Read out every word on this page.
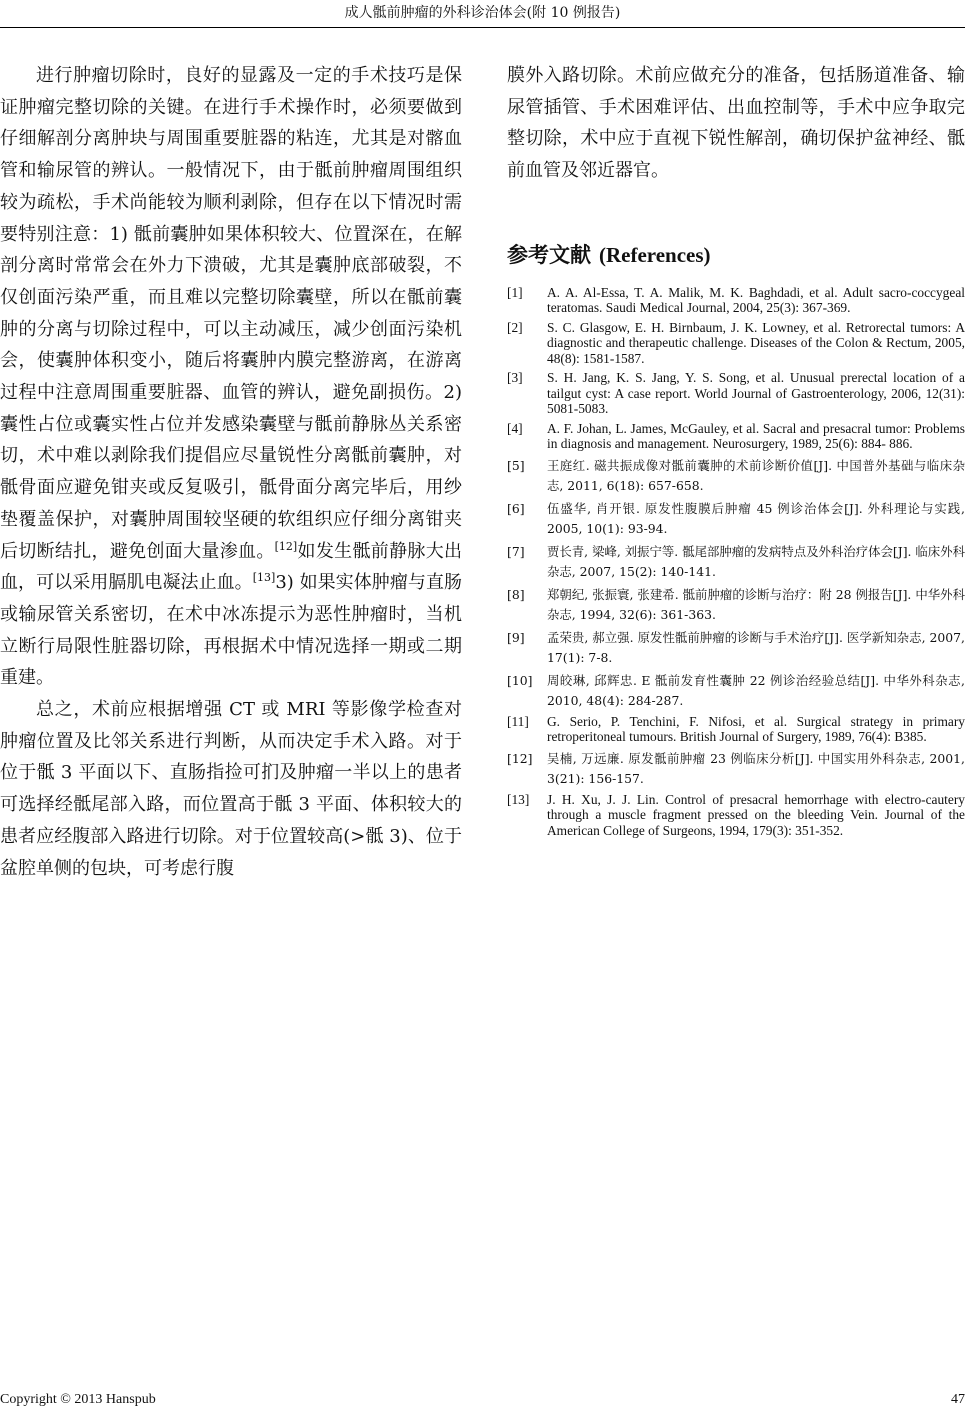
成人骶前肿瘤的外科诊治体会(附 10 例报告)

进行肿瘤切除时，良好的显露及一定的手术技巧是保证肿瘤完整切除的关键。在进行手术操作时，必须要做到仔细解剖分离肿块与周围重要脏器的粘连，尤其是对髂血管和输尿管的辨认。一般情况下，由于骶前肿瘤周围组织较为疏松，手术尚能较为顺利剥除，但存在以下情况时需要特别注意：1) 骶前囊肿如果体积较大、位置深在，在解剖分离时常常会在外力下溃破，尤其是囊肿底部破裂，不仅创面污染严重，而且难以完整切除囊壁，所以在骶前囊肿的分离与切除过程中，可以主动减压，减少创面污染机会，使囊肿体积变小，随后将囊肿内膜完整游离，在游离过程中注意周围重要脏器、血管的辨认，避免副损伤。2) 囊性占位或囊实性占位并发感染囊壁与骶前静脉丛关系密切，术中难以剥除我们提倡应尽量锐性分离骶前囊肿，对骶骨面应避免钳夹或反复吸引，骶骨面分离完毕后，用纱垫覆盖保护，对囊肿周围较坚硬的软组织应仔细分离钳夹后切断结扎，避免创面大量渗血。[12]如发生骶前静脉大出血，可以采用膈肌电凝法止血。[13]3) 如果实体肿瘤与直肠或输尿管关系密切，在术中冰冻提示为恶性肿瘤时，当机立断行局限性脏器切除，再根据术中情况选择一期或二期重建。

总之，术前应根据增强 CT 或 MRI 等影像学检查对肿瘤位置及比邻关系进行判断，从而决定手术入路。对于位于骶 3 平面以下、直肠指捡可扪及肿瘤一半以上的患者可选择经骶尾部入路，而位置高于骶 3 平面、体积较大的患者应经腹部入路进行切除。对于位置较高(>骶 3)、位于盆腔单侧的包块，可考虑行腹

膜外入路切除。术前应做充分的准备，包括肠道准备、输尿管插管、手术困难评估、出血控制等，手术中应争取完整切除，术中应于直视下锐性解剖，确切保护盆神经、骶前血管及邻近器官。

参考文献 (References)
[1]	A. A. Al-Essa, T. A. Malik, M. K. Baghdadi, et al. Adult sacro-coccygeal teratomas. Saudi Medical Journal, 2004, 25(3): 367-369.
[2]	S. C. Glasgow, E. H. Birnbaum, J. K. Lowney, et al. Retrorectal tumors: A diagnostic and therapeutic challenge. Diseases of the Colon & Rectum, 2005, 48(8): 1581-1587.
[3]	S. H. Jang, K. S. Jang, Y. S. Song, et al. Unusual prerectal location of a tailgut cyst: A case report. World Journal of Gastroenterology, 2006, 12(31): 5081-5083.
[4]	A. F. Johan, L. James, McGauley, et al. Sacral and presacral tumor: Problems in diagnosis and management. Neurosurgery, 1989, 25(6): 884- 886.
[5]	王庭红. 磁共振成像对骶前囊肿的术前诊断价值[J]. 中国普外基础与临床杂志, 2011, 6(18): 657-658.
[6]	伍盛华, 肖开银. 原发性腹膜后肿瘤 45 例诊治体会[J]. 外科理论与实践, 2005, 10(1): 93-94.
[7]	贾长青, 梁峰, 刘振宁等. 骶尾部肿瘤的发病特点及外科治疗体会[J]. 临床外科杂志, 2007, 15(2): 140-141.
[8]	郑朝纪, 张振寰, 张建希. 骶前肿瘤的诊断与治疗：附 28 例报告[J]. 中华外科杂志, 1994, 32(6): 361-363.
[9]	孟荣贵, 郝立强. 原发性骶前肿瘤的诊断与手术治疗[J]. 医学新知杂志, 2007, 17(1): 7-8.
[10]	周皎琳, 邱辉忠. E 骶前发育性囊肿 22 例诊治经验总结[J]. 中华外科杂志, 2010, 48(4): 284-287.
[11]	G. Serio, P. Tenchini, F. Nifosi, et al. Surgical strategy in primary retroperitoneal tumours. British Journal of Surgery, 1989, 76(4): B385.
[12]	吴楠, 万远廉. 原发骶前肿瘤 23 例临床分析[J]. 中国实用外科杂志, 2001, 3(21): 156-157.
[13]	J. H. Xu, J. J. Lin. Control of presacral hemorrhage with electro-cautery through a muscle fragment pressed on the bleeding Vein. Journal of the American College of Surgeons, 1994, 179(3): 351-352.
Copyright © 2013 Hanspub	47
